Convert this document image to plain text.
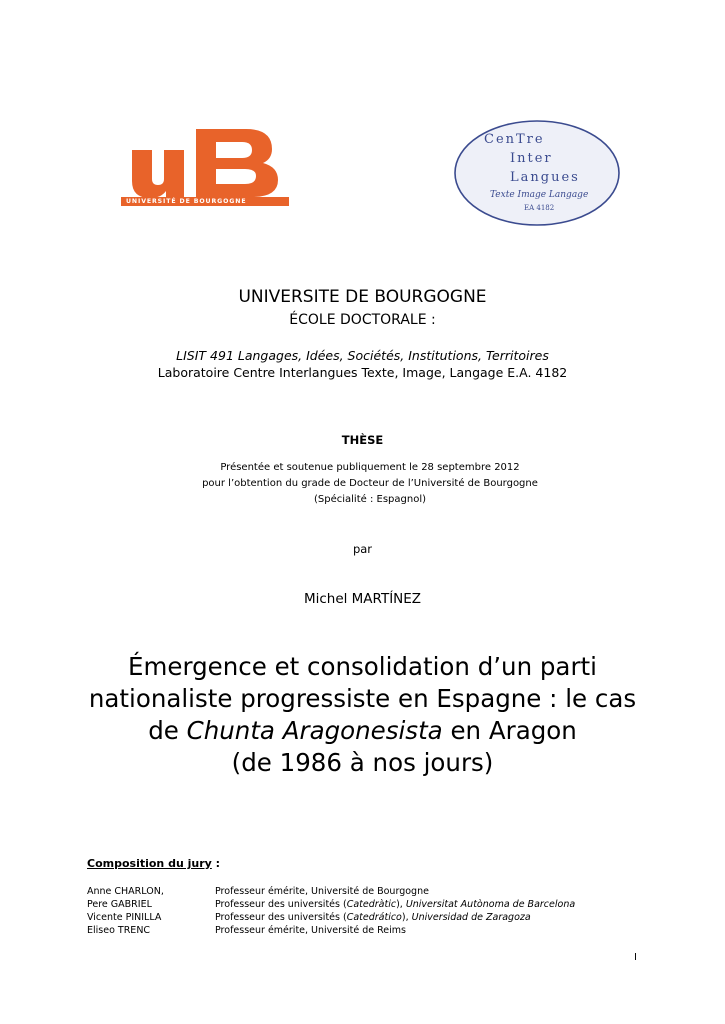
UNIVERSITÉ DE BOURGOGNE
CenTre
Inter
Langues
Texte Image Langage
EA 4182
UNIVERSITE DE BOURGOGNE
ÉCOLE DOCTORALE :
LISIT 491 Langages, Idées, Sociétés, Institutions, Territoires
Laboratoire Centre Interlangues Texte, Image, Langage E.A. 4182
THÈSE
Présentée et soutenue publiquement le 28 septembre 2012
pour l’obtention du grade de Docteur de l’Université de Bourgogne
(Spécialité : Espagnol)
par
Michel MARTÍNEZ
Émergence et consolidation d’un parti
nationaliste progressiste en Espagne : le cas
de Chunta Aragonesista en Aragon
(de 1986 à nos jours)
Composition du jury :
Anne CHARLON,	Professeur émérite, Université de Bourgogne
Pere GABRIEL	Professeur des universités (Catedràtic), Universitat Autònoma de Barcelona
Vicente PINILLA	Professeur des universités (Catedrático), Universidad de Zaragoza
Eliseo TRENC	Professeur émérite, Université de Reims
I
